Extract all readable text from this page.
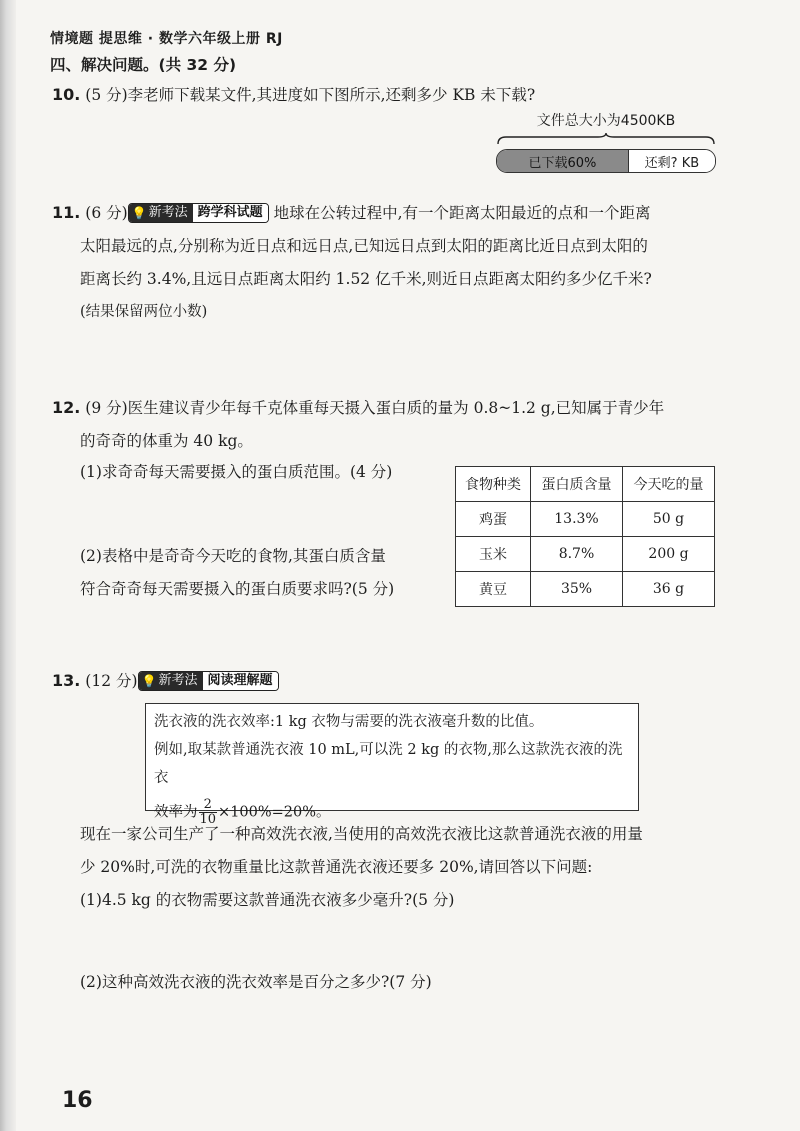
情境题 提思维 · 数学六年级上册 RJ
四、解决问题。(共 32 分)
10. (5 分)李老师下载某文件,其进度如下图所示,还剩多少 KB 未下载?
文件总大小为4500KB
已下载60%	还剩? KB
11. (6 分) 💡 新考法 跨学科试题 地球在公转过程中,有一个距离太阳最近的点和一个距离
太阳最远的点,分别称为近日点和远日点,已知远日点到太阳的距离比近日点到太阳的
距离长约 3.4%,且远日点距离太阳约 1.52 亿千米,则近日点距离太阳约多少亿千米?
(结果保留两位小数)
12. (9 分)医生建议青少年每千克体重每天摄入蛋白质的量为 0.8~1.2 g,已知属于青少年
的奇奇的体重为 40 kg。
(1)求奇奇每天需要摄入的蛋白质范围。(4 分)
(2)表格中是奇奇今天吃的食物,其蛋白质含量
符合奇奇每天需要摄入的蛋白质要求吗?(5 分)
食物种类	蛋白质含量	今天吃的量
鸡蛋	13.3%	50 g
玉米	8.7%	200 g
黄豆	35%	36 g
13. (12 分) 💡 新考法 阅读理解题
洗衣液的洗衣效率:1 kg 衣物与需要的洗衣液毫升数的比值。
例如,取某款普通洗衣液 10 mL,可以洗 2 kg 的衣物,那么这款洗衣液的洗衣
效率为 $\frac{2}{10} \times 100\%=20\%$。
现在一家公司生产了一种高效洗衣液,当使用的高效洗衣液比这款普通洗衣液的用量
少 20%时,可洗的衣物重量比这款普通洗衣液还要多 20%,请回答以下问题:
(1)4.5 kg 的衣物需要这款普通洗衣液多少毫升?(5 分)
(2)这种高效洗衣液的洗衣效率是百分之多少?(7 分)
16
